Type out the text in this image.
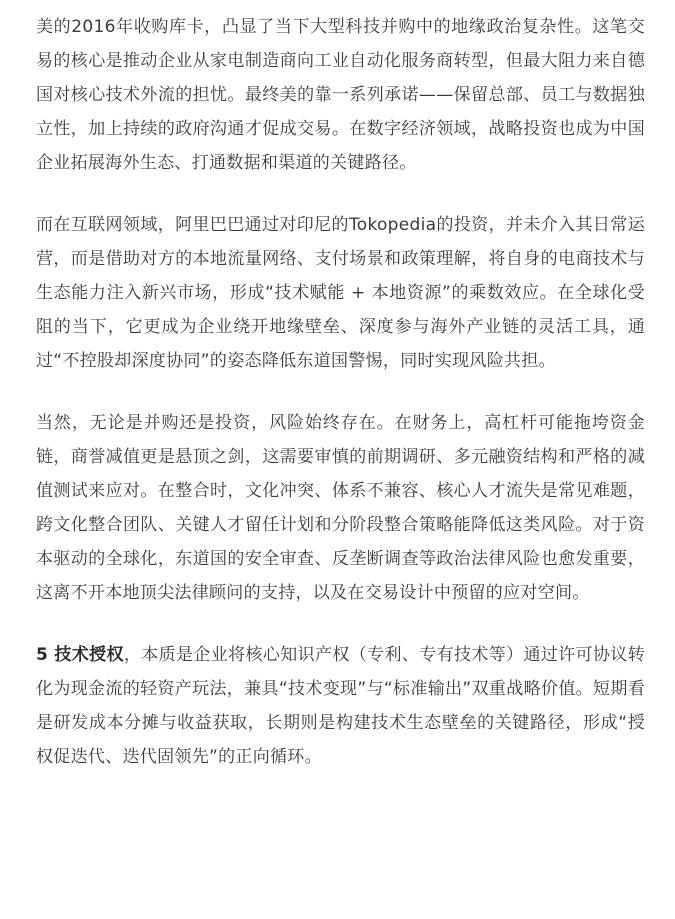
美的2016年收购库卡，凸显了当下大型科技并购中的地缘政治复杂性。这笔交易的核心是推动企业从家电制造商向工业自动化服务商转型，但最大阻力来自德国对核心技术外流的担忧。最终美的靠一系列承诺——保留总部、员工与数据独立性，加上持续的政府沟通才促成交易。在数字经济领域，战略投资也成为中国企业拓展海外生态、打通数据和渠道的关键路径。

而在互联网领域，阿里巴巴通过对印尼的Tokopedia的投资，并未介入其日常运营，而是借助对方的本地流量网络、支付场景和政策理解，将自身的电商技术与生态能力注入新兴市场，形成“技术赋能 + 本地资源”的乘数效应。在全球化受阻的当下，它更成为企业绕开地缘壁垒、深度参与海外产业链的灵活工具，通过“不控股却深度协同”的姿态降低东道国警惕，同时实现风险共担。

当然，无论是并购还是投资，风险始终存在。在财务上，高杠杆可能拖垮资金链，商誉减值更是悬顶之剑，这需要审慎的前期调研、多元融资结构和严格的减值测试来应对。在整合时，文化冲突、体系不兼容、核心人才流失是常见难题，跨文化整合团队、关键人才留任计划和分阶段整合策略能降低这类风险。对于资本驱动的全球化，东道国的安全审查、反垄断调查等政治法律风险也愈发重要，这离不开本地顶尖法律顾问的支持，以及在交易设计中预留的应对空间。

5 技术授权，本质是企业将核心知识产权（专利、专有技术等）通过许可协议转化为现金流的轻资产玩法，兼具“技术变现”与“标准输出”双重战略价值。短期看是研发成本分摊与收益获取，长期则是构建技术生态壁垒的关键路径，形成“授权促迭代、迭代固领先”的正向循环。
